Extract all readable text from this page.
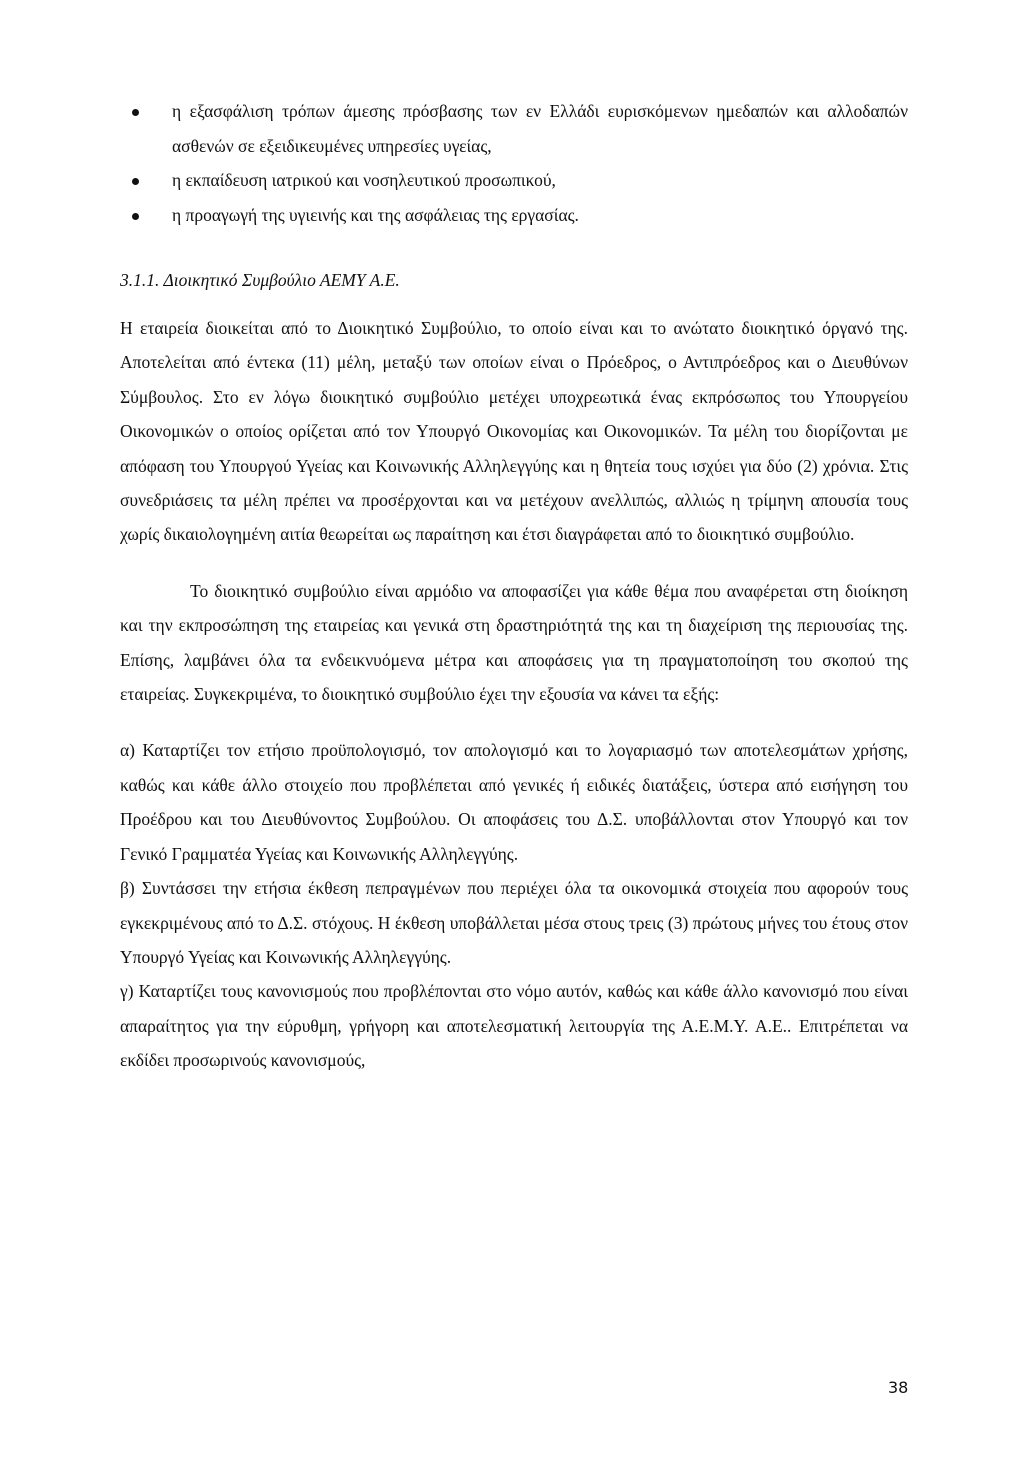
η εξασφάλιση τρόπων άμεσης πρόσβασης των εν Ελλάδι ευρισκόμενων ημεδαπών και αλλοδαπών ασθενών σε εξειδικευμένες υπηρεσίες υγείας,
η εκπαίδευση ιατρικού και νοσηλευτικού προσωπικού,
η προαγωγή της υγιεινής και της ασφάλειας της εργασίας.
3.1.1. Διοικητικό Συμβούλιο ΑΕΜΥ Α.Ε.

Η εταιρεία διοικείται από το Διοικητικό Συμβούλιο, το οποίο είναι και το ανώτατο διοικητικό όργανό της. Αποτελείται από έντεκα (11) μέλη, μεταξύ των οποίων είναι ο Πρόεδρος, ο Αντιπρόεδρος και ο Διευθύνων Σύμβουλος. Στο εν λόγω διοικητικό συμβούλιο μετέχει υποχρεωτικά ένας εκπρόσωπος του Υπουργείου Οικονομικών ο οποίος ορίζεται από τον Υπουργό Οικονομίας και Οικονομικών. Τα μέλη του διορίζονται με απόφαση του Υπουργού Υγείας και Κοινωνικής Αλληλεγγύης και η θητεία τους ισχύει για δύο (2) χρόνια. Στις συνεδριάσεις τα μέλη πρέπει να προσέρχονται και να μετέχουν ανελλιπώς, αλλιώς η τρίμηνη απουσία τους χωρίς δικαιολογημένη αιτία θεωρείται ως παραίτηση και έτσι διαγράφεται από το διοικητικό συμβούλιο.

Το διοικητικό συμβούλιο είναι αρμόδιο να αποφασίζει για κάθε θέμα που αναφέρεται στη διοίκηση και την εκπροσώπηση της εταιρείας και γενικά στη δραστηριότητά της και τη διαχείριση της περιουσίας της. Επίσης, λαμβάνει όλα τα ενδεικνυόμενα μέτρα και αποφάσεις για τη πραγματοποίηση του σκοπού της εταιρείας. Συγκεκριμένα, το διοικητικό συμβούλιο έχει την εξουσία να κάνει τα εξής:

α) Καταρτίζει τον ετήσιο προϋπολογισμό, τον απολογισμό και το λογαριασμό των αποτελεσμάτων χρήσης, καθώς και κάθε άλλο στοιχείο που προβλέπεται από γενικές ή ειδικές διατάξεις, ύστερα από εισήγηση του Προέδρου και του Διευθύνοντος Συμβούλου. Οι αποφάσεις του Δ.Σ. υποβάλλονται στον Υπουργό και τον Γενικό Γραμματέα Υγείας και Κοινωνικής Αλληλεγγύης.

β) Συντάσσει την ετήσια έκθεση πεπραγμένων που περιέχει όλα τα οικονομικά στοιχεία που αφορούν τους εγκεκριμένους από το Δ.Σ. στόχους. Η έκθεση υποβάλλεται μέσα στους τρεις (3) πρώτους μήνες του έτους στον Υπουργό Υγείας και Κοινωνικής Αλληλεγγύης.

γ) Καταρτίζει τους κανονισμούς που προβλέπονται στο νόμο αυτόν, καθώς και κάθε άλλο κανονισμό που είναι απαραίτητος για την εύρυθμη, γρήγορη και αποτελεσματική λειτουργία της Α.Ε.Μ.Υ. Α.Ε.. Επιτρέπεται να εκδίδει προσωρινούς κανονισμούς,

38
